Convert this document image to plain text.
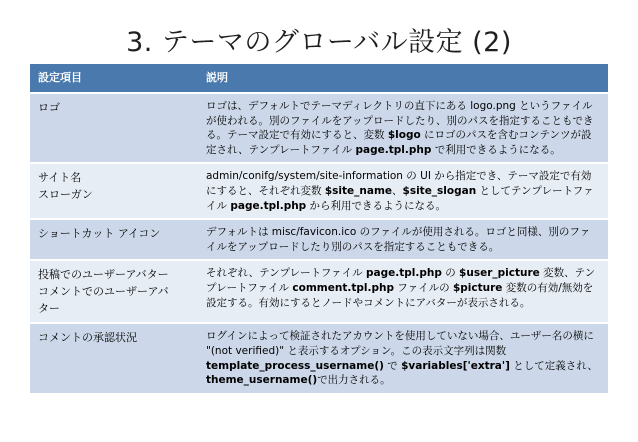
3. テーマのグローバル設定 (2)
設定項目	説明
ロゴ	ロゴは、デフォルトでテーマディレクトリの直下にある logo.png というファイルが使われる。別のファイルをアップロードしたり、別のパスを指定することもできる。テーマ設定で有効にすると、変数 $logo にロゴのパスを含むコンテンツが設定され、テンプレートファイル page.tpl.php で利用できるようになる。
サイト名
スローガン	admin/conifg/system/site-information の UI から指定でき、テーマ設定で有効にすると、それぞれ変数 $site_name、$site_slogan としてテンプレートファイル page.tpl.php から利用できるようになる。
ショートカット アイコン	デフォルトは misc/favicon.ico のファイルが使用される。ロゴと同様、別のファイルをアップロードしたり別のパスを指定することもできる。
投稿でのユーザーアバター
コメントでのユーザーアバ
ター	それぞれ、テンプレートファイル page.tpl.php の $user_picture 変数、テンプレートファイル comment.tpl.php ファイルの $picture 変数の有効/無効を設定する。有効にするとノードやコメントにアバターが表示される。
コメントの承認状況	ログインによって検証されたアカウントを使用していない場合、ユーザー名の横に "(not verified)" と表示するオプション。この表示文字列は関数 template_process_username() で $variables['extra'] として定義され、theme_username()で出力される。
